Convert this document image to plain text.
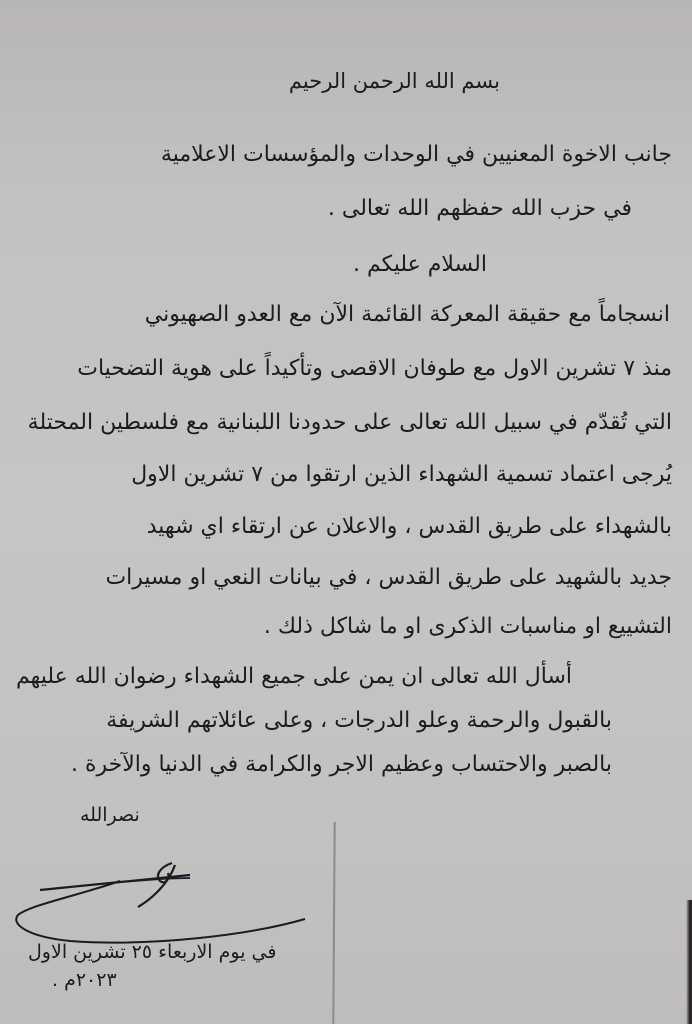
بسم الله الرحمن الرحيم
جانب الاخوة المعنيين في الوحدات والمؤسسات الاعلامية
في حزب الله حفظهم الله تعالى .
السلام عليكم .
انسجاماً مع حقيقة المعركة القائمة الآن مع العدو الصهيوني
منذ ٧ تشرين الاول مع طوفان الاقصى وتأكيداً على هوية التضحيات
التي تُقدّم في سبيل الله تعالى على حدودنا اللبنانية مع فلسطين المحتلة
يُرجى اعتماد تسمية الشهداء الذين ارتقوا من ٧ تشرين الاول
بالشهداء على طريق القدس ، والاعلان عن ارتقاء اي شهيد
جديد بالشهيد على طريق القدس ، في بيانات النعي او مسيرات
التشييع او مناسبات الذكرى او ما شاكل ذلك .
أسأل الله تعالى ان يمن على جميع الشهداء رضوان الله عليهم
بالقبول والرحمة وعلو الدرجات ، وعلى عائلاتهم الشريفة
بالصبر والاحتساب وعظيم الاجر والكرامة في الدنيا والآخرة .
نصرالله
في يوم الاربعاء ٢٥ تشرين الاول
٢٠٢٣م .
